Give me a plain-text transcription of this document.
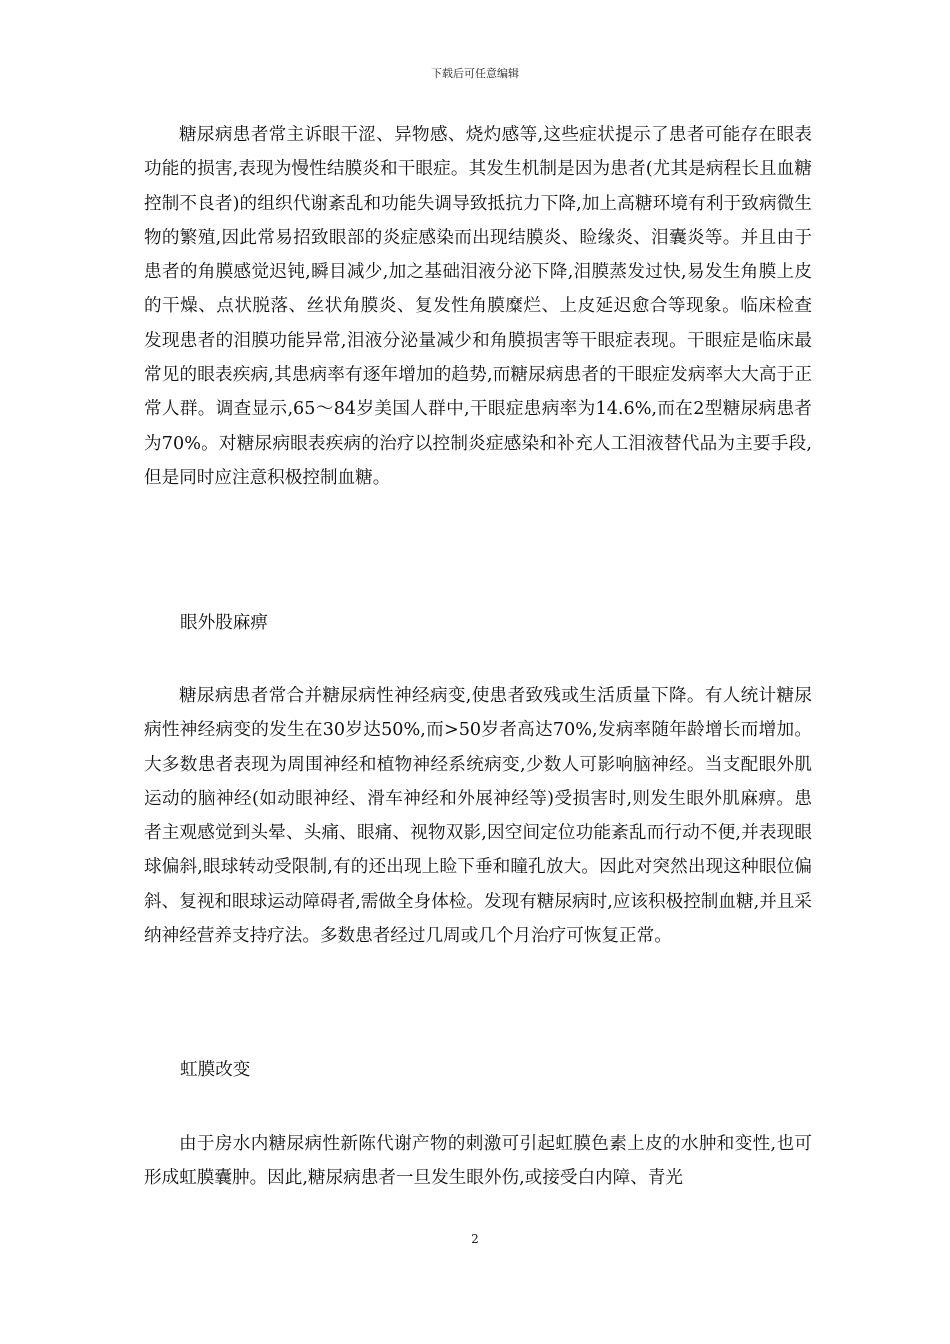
下载后可任意编辑

糖尿病患者常主诉眼干涩、异物感、烧灼感等,这些症状提示了患者可能存在眼表功能的损害,表现为慢性结膜炎和干眼症。其发生机制是因为患者(尤其是病程长且血糖控制不良者)的组织代谢紊乱和功能失调导致抵抗力下降,加上高糖环境有利于致病微生物的繁殖,因此常易招致眼部的炎症感染而出现结膜炎、睑缘炎、泪囊炎等。并且由于患者的角膜感觉迟钝,瞬目减少,加之基础泪液分泌下降,泪膜蒸发过快,易发生角膜上皮的干燥、点状脱落、丝状角膜炎、复发性角膜糜烂、上皮延迟愈合等现象。临床检查发现患者的泪膜功能异常,泪液分泌量减少和角膜损害等干眼症表现。干眼症是临床最常见的眼表疾病,其患病率有逐年增加的趋势,而糖尿病患者的干眼症发病率大大高于正常人群。调查显示,65～84岁美国人群中,干眼症患病率为14.6%,而在2型糖尿病患者为70%。对糖尿病眼表疾病的治疗以控制炎症感染和补充人工泪液替代品为主要手段,但是同时应注意积极控制血糖。

眼外股麻痹

糖尿病患者常合并糖尿病性神经病变,使患者致残或生活质量下降。有人统计糖尿病性神经病变的发生在30岁达50%,而>50岁者高达70%,发病率随年龄增长而增加。大多数患者表现为周围神经和植物神经系统病变,少数人可影响脑神经。当支配眼外肌运动的脑神经(如动眼神经、滑车神经和外展神经等)受损害时,则发生眼外肌麻痹。患者主观感觉到头晕、头痛、眼痛、视物双影,因空间定位功能紊乱而行动不便,并表现眼球偏斜,眼球转动受限制,有的还出现上睑下垂和瞳孔放大。因此对突然出现这种眼位偏斜、复视和眼球运动障碍者,需做全身体检。发现有糖尿病时,应该积极控制血糖,并且采纳神经营养支持疗法。多数患者经过几周或几个月治疗可恢复正常。

虹膜改变

由于房水内糖尿病性新陈代谢产物的刺激可引起虹膜色素上皮的水肿和变性,也可形成虹膜囊肿。因此,糖尿病患者一旦发生眼外伤,或接受白内障、青光

2
